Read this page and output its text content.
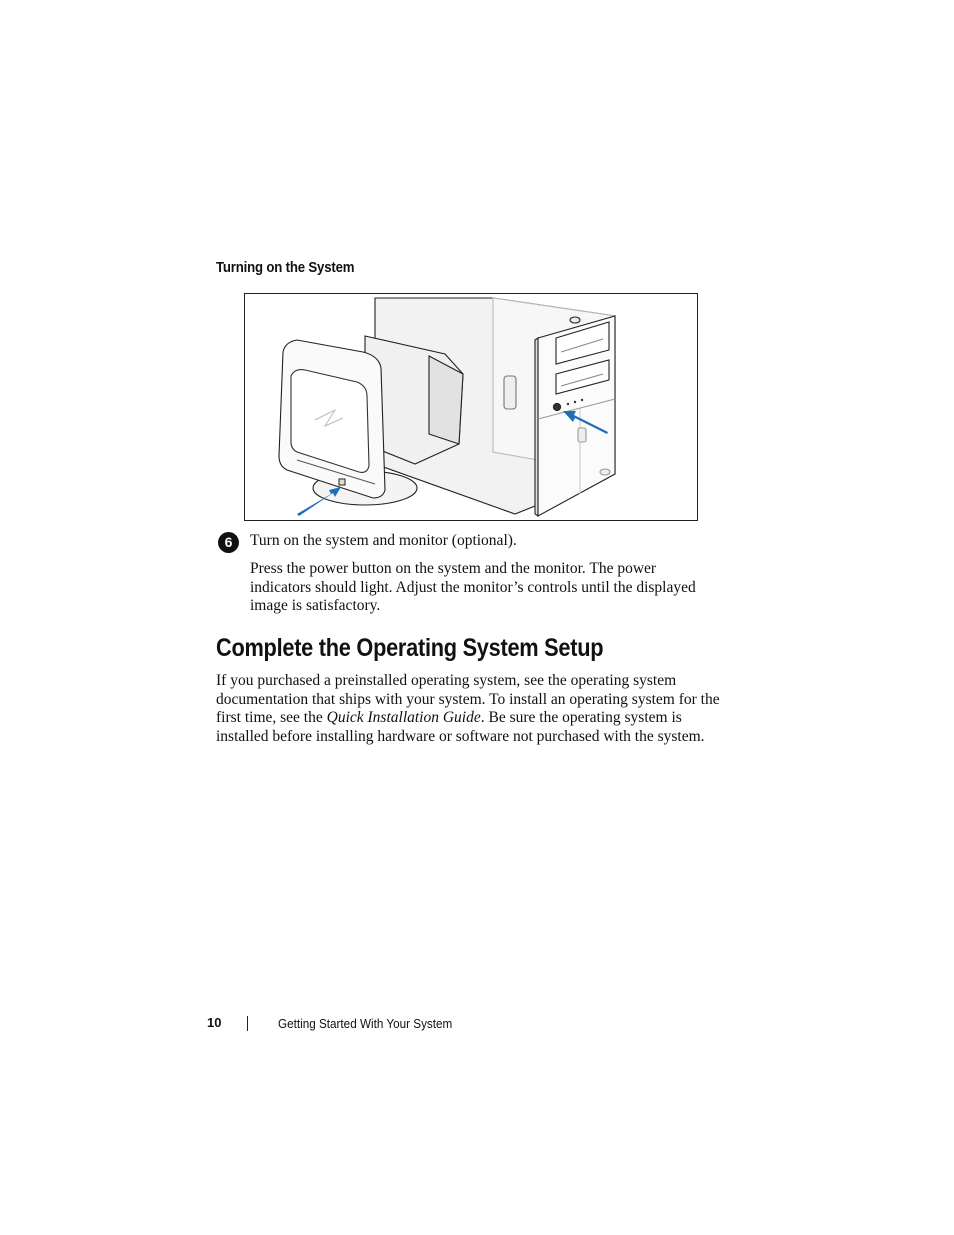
Turning on the System
6	Turn on the system and monitor (optional).
Press the power button on the system and the monitor. The power indicators should light. Adjust the monitor’s controls until the displayed image is satisfactory.
Complete the Operating System Setup
If you purchased a preinstalled operating system, see the operating system documentation that ships with your system. To install an operating system for the first time, see the Quick Installation Guide. Be sure the operating system is installed before installing hardware or software not purchased with the system.
10	Getting Started With Your System
